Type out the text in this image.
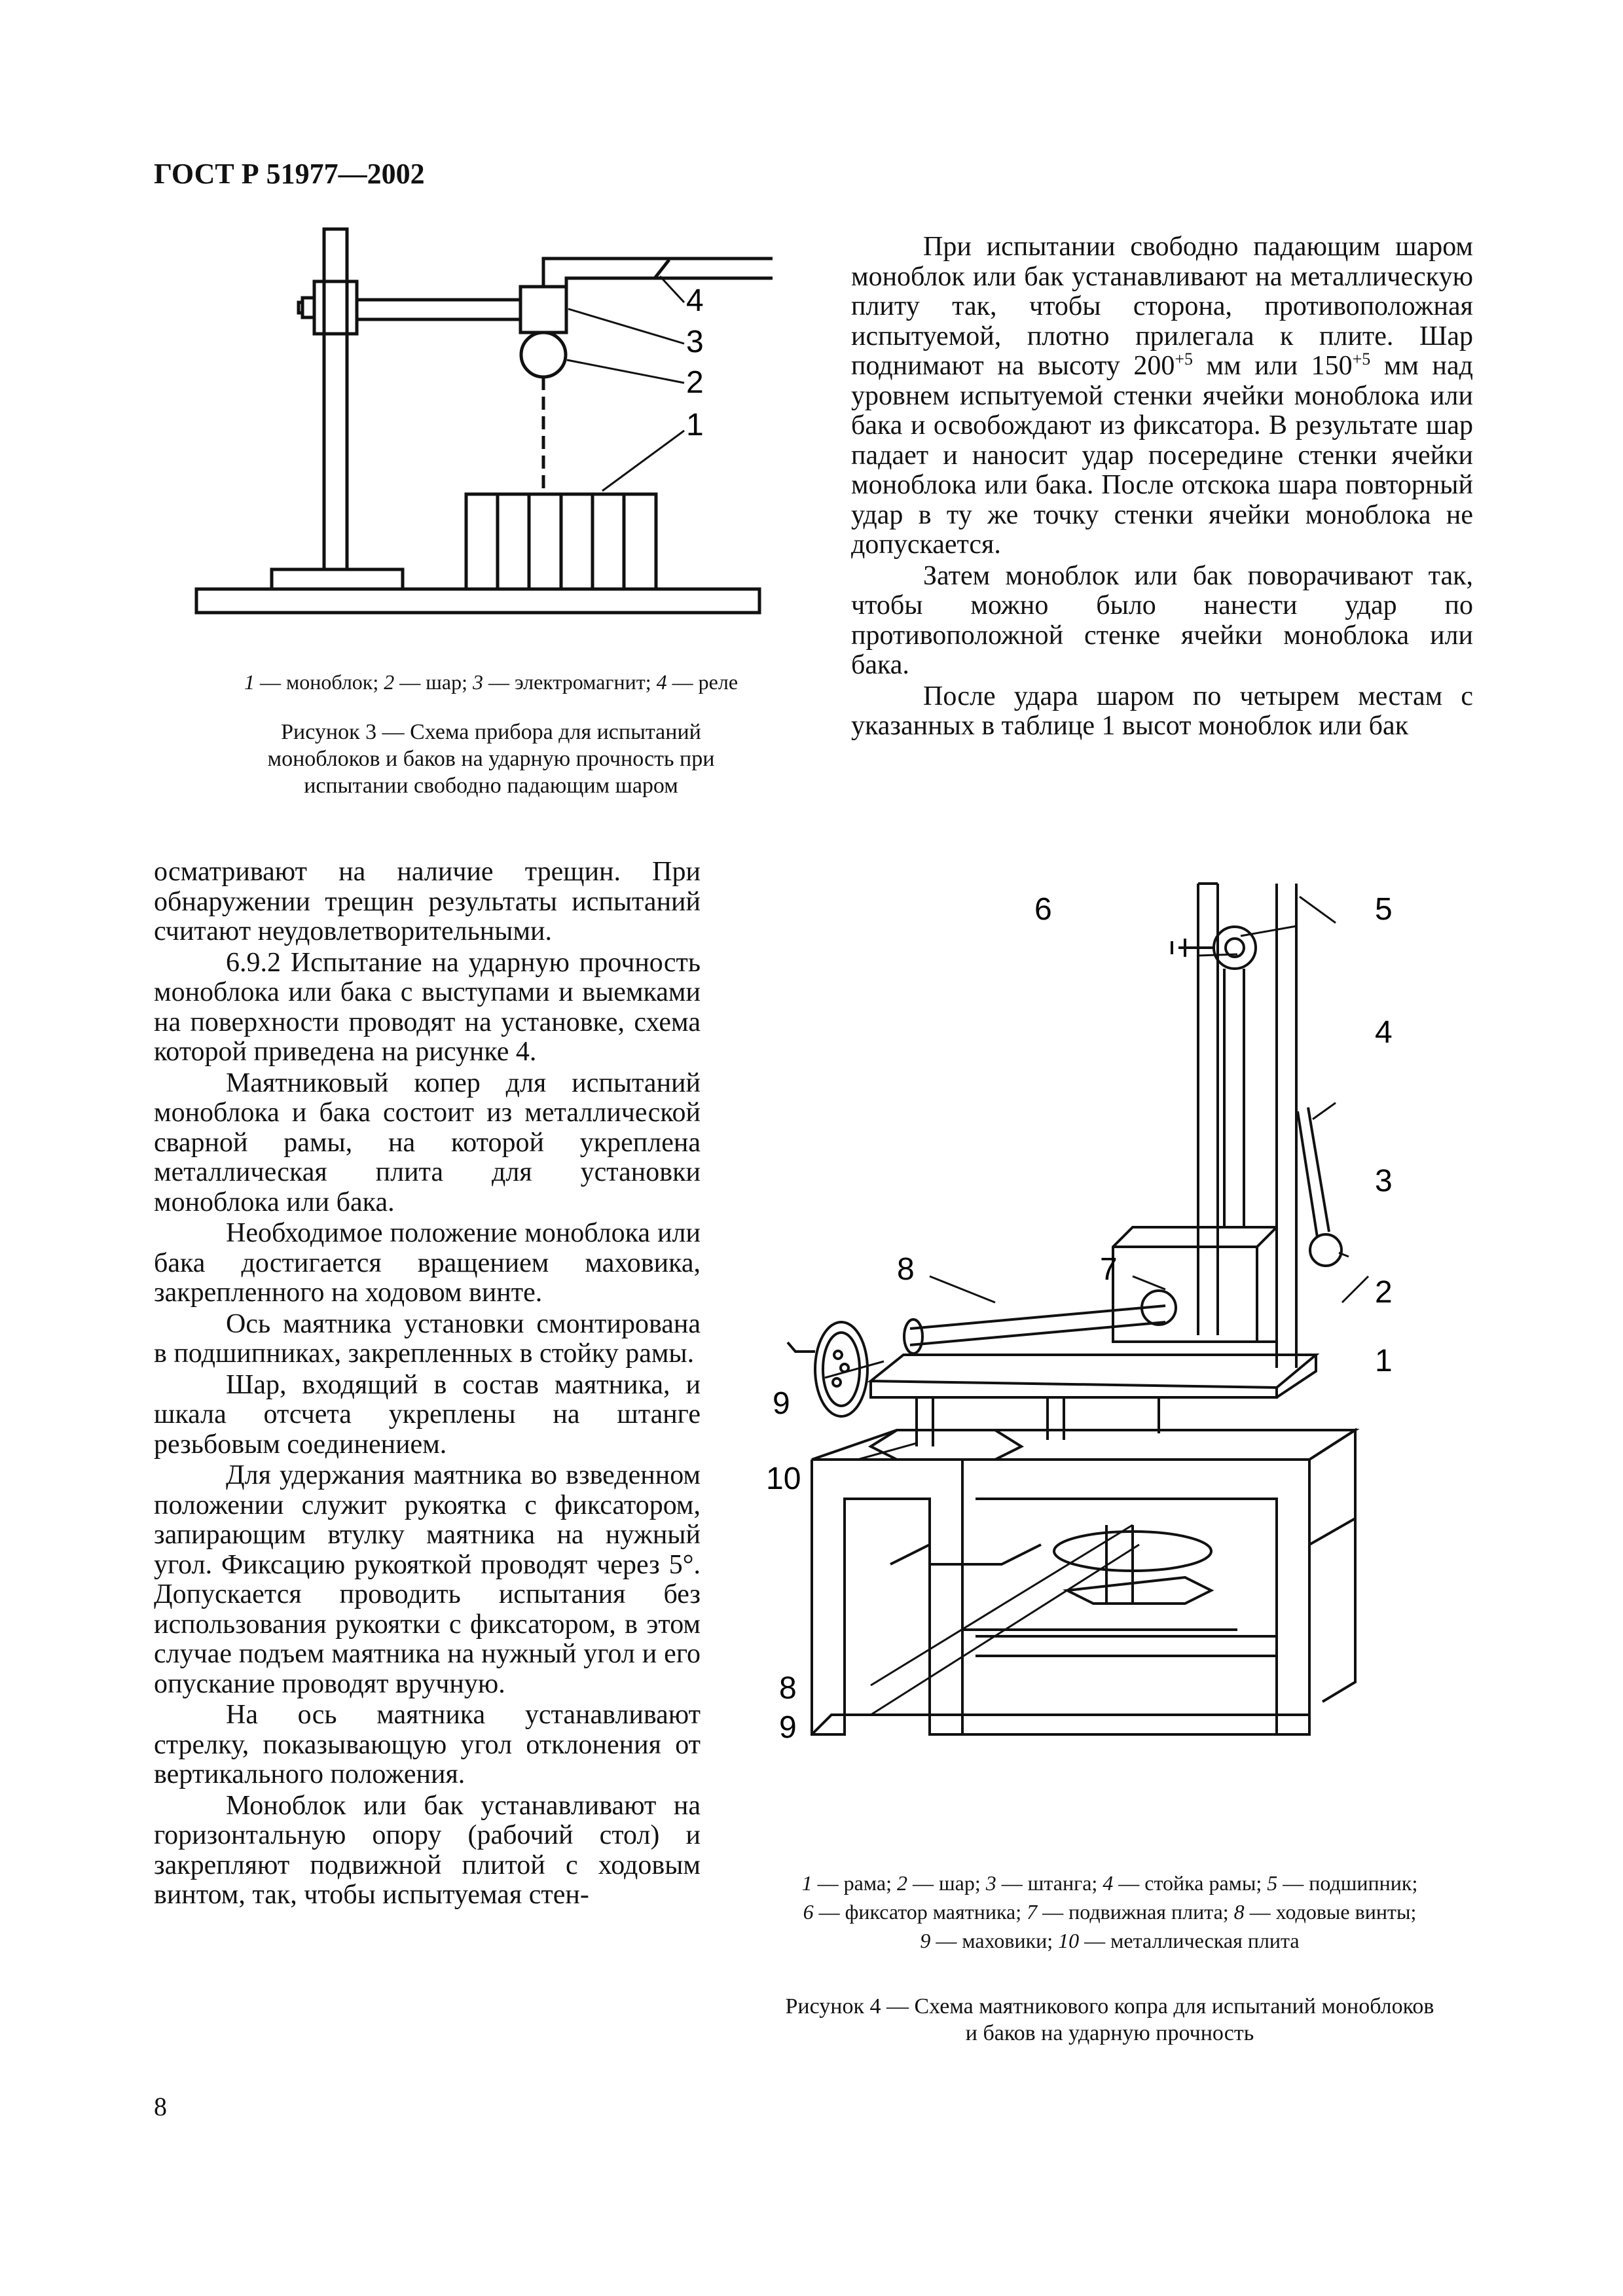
ГОСТ Р 51977—2002
4
3
2
1
1 — моноблок; 2 — шар; 3 — электромагнит; 4 — реле
Рисунок 3 — Схема прибора для испытаний
моноблоков и баков на ударную прочность при
испытании свободно падающим шаром

При испытании свободно падающим шаром моноблок или бак устанавливают на металлическую плиту так, чтобы сторона, противоположная испытуемой, плотно прилегала к плите. Шар поднимают на высоту $200^{+5}$ мм или $150^{+5}$ мм над уровнем испытуемой стенки ячейки моноблока или бака и освобождают из фиксатора. В результате шар падает и наносит удар посередине стенки ячейки моноблока или бака. После отскока шара повторный удар в ту же точку стенки ячейки моноблока не допускается.

Затем моноблок или бак поворачивают так, чтобы можно было нанести удар по противоположной стенке ячейки моноблока или бака.

После удара шаром по четырем местам с указанных в таблице 1 высот моноблок или бак

осматривают на наличие трещин. При обнаружении трещин результаты испытаний считают неудовлетворительными.

6.9.2 Испытание на ударную прочность моноблока или бака с выступами и выемками на поверхности проводят на установке, схема которой приведена на рисунке 4.

Маятниковый копер для испытаний моноблока и бака состоит из металлической сварной рамы, на которой укреплена металлическая плита для установки моноблока или бака.

Необходимое положение моноблока или бака достигается вращением маховика, закрепленного на ходовом винте.

Ось маятника установки смонтирована в подшипниках, закрепленных в стойку рамы.

Шар, входящий в состав маятника, и шкала отсчета укреплены на штанге резьбовым соединением.

Для удержания маятника во взведенном положении служит рукоятка с фиксатором, запирающим втулку маятника на нужный угол. Фиксацию рукояткой проводят через 5°. Допускается проводить испытания без использования рукоятки с фиксатором, в этом случае подъем маятника на нужный угол и его опускание проводят вручную.

На ось маятника устанавливают стрелку, показывающую угол отклонения от вертикального положения.

Моноблок или бак устанавливают на горизонтальную опору (рабочий стол) и закрепляют подвижной плитой с ходовым винтом, так, чтобы испытуемая стен-

6	5
4
3
2
1
8	7
9
10
8
9
1 — рама; 2 — шар; 3 — штанга; 4 — стойка рамы; 5 — подшипник;
6 — фиксатор маятника; 7 — подвижная плита; 8 — ходовые винты;
9 — маховики; 10 — металлическая плита
Рисунок 4 — Схема маятникового копра для испытаний моноблоков
и баков на ударную прочность
8
